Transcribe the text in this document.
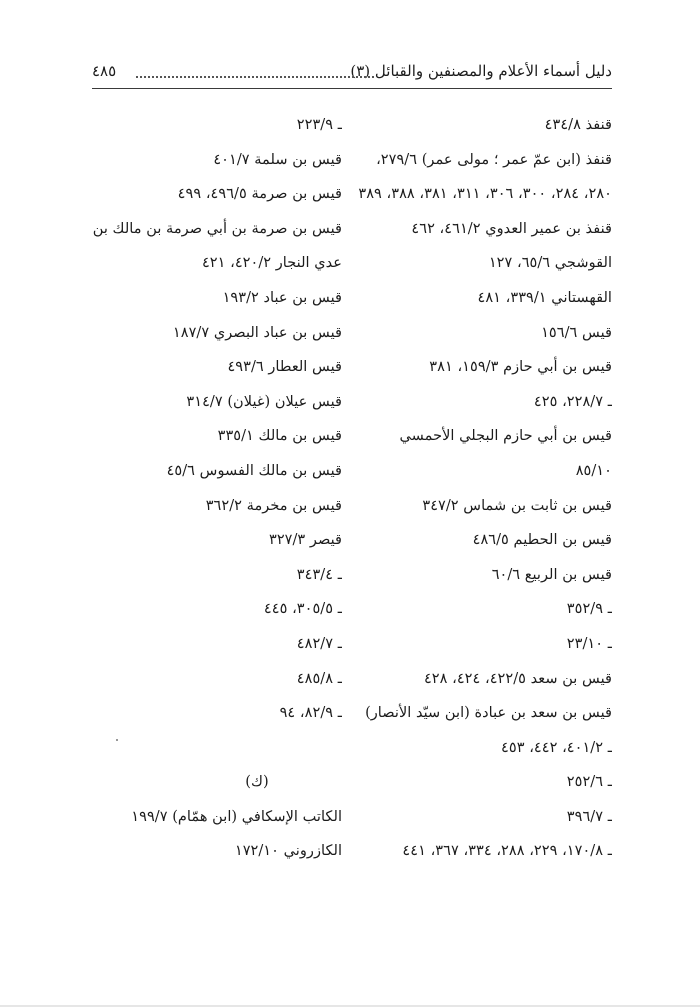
دليل أسماء الأعلام والمصنفين والقبائل (٣)
٤٨٥
قنفذ ٤٣٤/٨
قنفذ (ابن عمّ عمر ؛ مولى عمر) ٢٧٩/٦،
٢٨٠، ٢٨٤، ٣٠٠، ٣٠٦، ٣١١، ٣٨١، ٣٨٨، ٣٨٩
قنفذ بن عمير العدوي ٤٦١/٢، ٤٦٢
القوشجي ٦٥/٦، ١٢٧
القهستاني ٣٣٩/١، ٤٨١
قيس ١٥٦/٦
قيس بن أبي حازم ١٥٩/٣، ٣٨١
ـ ٢٢٨/٧، ٤٢٥
قيس بن أبي حازم البجلي الأحمسي
٨٥/١٠
قيس بن ثابت بن شماس ٣٤٧/٢
قيس بن الحطيم ٤٨٦/٥
قيس بن الربيع ٦٠/٦
ـ ٣٥٢/٩
ـ ٢٣/١٠
قيس بن سعد ٤٢٢/٥، ٤٢٤، ٤٢٨
قيس بن سعد بن عبادة (ابن سيّد الأنصار)
ـ ٤٠١/٢، ٤٤٢، ٤٥٣
ـ ٢٥٢/٦
ـ ٣٩٦/٧
ـ ١٧٠/٨، ٢٢٩، ٢٨٨، ٣٣٤، ٣٦٧، ٤٤١
ـ ٢٢٣/٩
قيس بن سلمة ٤٠١/٧
قيس بن صرمة ٤٩٦/٥، ٤٩٩
قيس بن صرمة بن أبي صرمة بن مالك بن
عدي النجار ٤٢٠/٢، ٤٢١
قيس بن عباد ١٩٣/٢
قيس بن عباد البصري ١٨٧/٧
قيس العطار ٤٩٣/٦
قيس عيلان (غيلان) ٣١٤/٧
قيس بن مالك ٣٣٥/١
قيس بن مالك الفسوس ٤٥/٦
قيس بن مخرمة ٣٦٢/٢
قيصر ٣٢٧/٣
ـ ٣٤٣/٤
ـ ٣٠٥/٥، ٤٤٥
ـ ٤٨٢/٧
ـ ٤٨٥/٨
ـ ٨٢/٩، ٩٤
(ك)
الكاتب الإسكافي (ابن همّام) ١٩٩/٧
الكازروني ١٧٢/١٠
